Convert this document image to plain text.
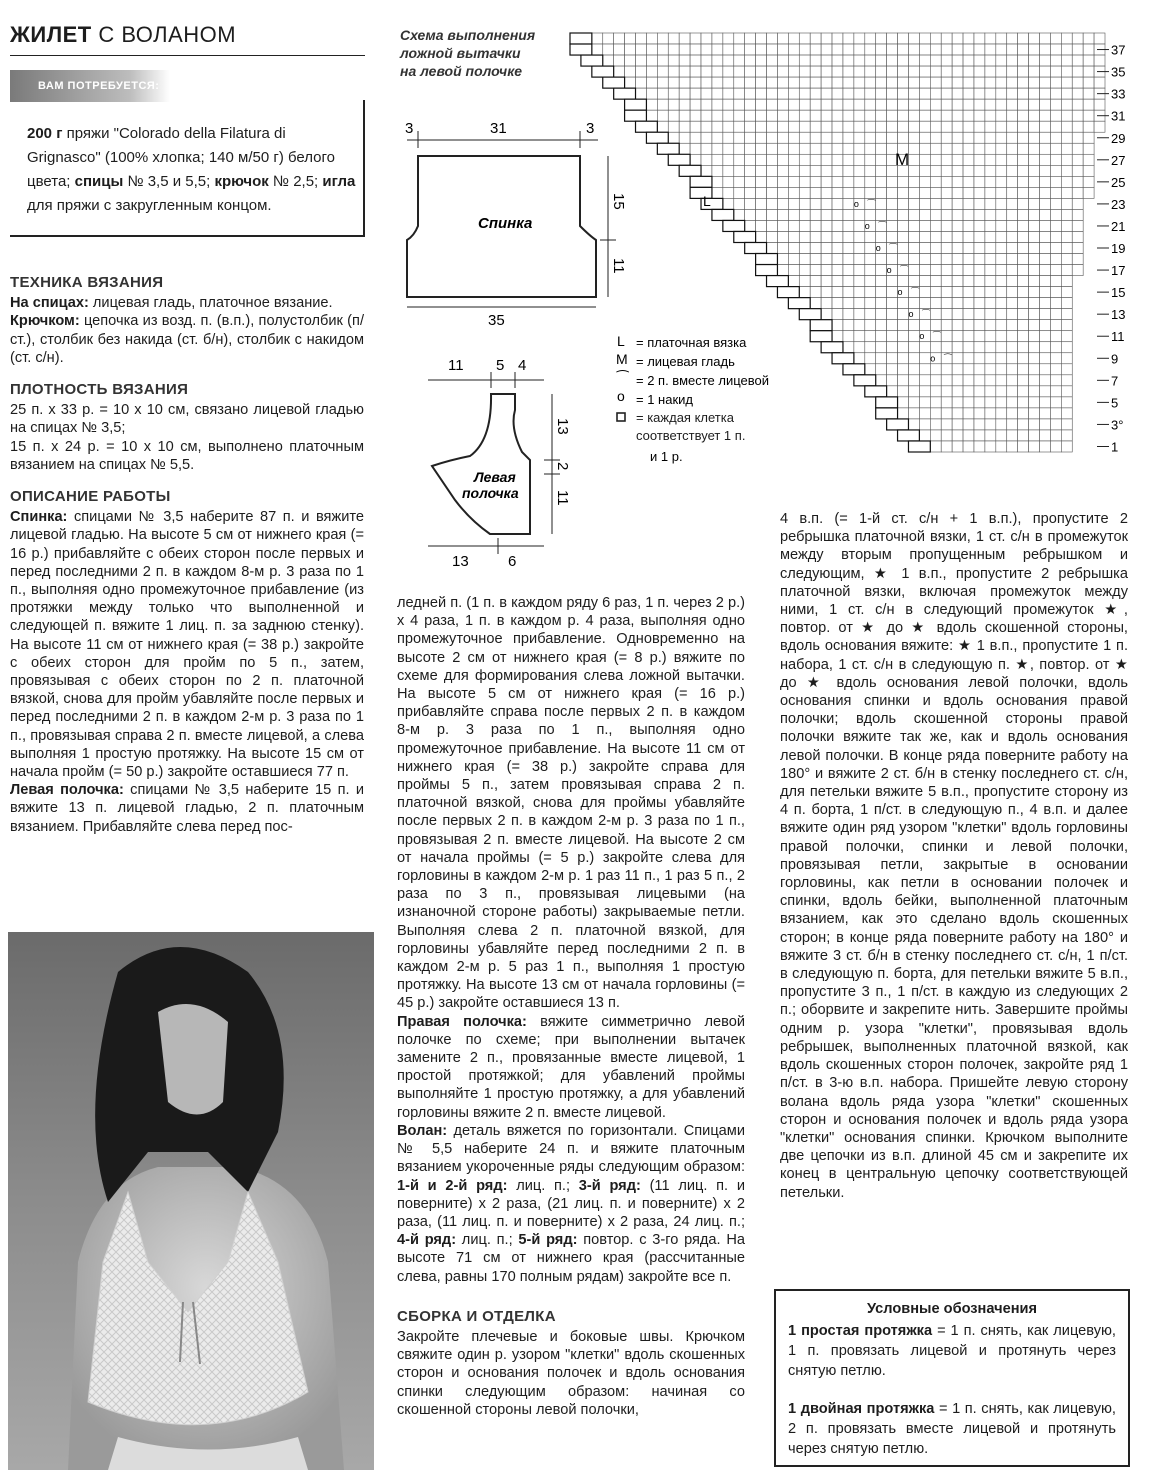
ЖИЛЕТ С ВОЛАНОМ
ВАМ ПОТРЕБУЕТСЯ:
200 г пряжи "Colorado della Filatura di Grignasco" (100% хлопка; 140 м/50 г) белого цвета; спицы № 3,5 и 5,5; крючок № 2,5; игла для пряжи с закругленным концом.

ТЕХНИКА ВЯЗАНИЯ

На спицах: лицевая гладь, платочное вязание.

Крючком: цепочка из возд. п. (в.п.), полустолбик (п/ст.), столбик без накида (ст. б/н), столбик с накидом (ст. с/н).

ПЛОТНОСТЬ ВЯЗАНИЯ

25 п. х 33 р. = 10 х 10 см, связано лицевой гладью на спицах № 3,5;

15 п. х 24 р. = 10 х 10 см, выполнено платочным вязанием на спицах № 5,5.

ОПИСАНИЕ РАБОТЫ

Спинка: спицами № 3,5 наберите 87 п. и вяжите лицевой гладью. На высоте 5 см от нижнего края (= 16 р.) прибавляйте с обеих сторон после первых и перед последними 2 п. в каждом 8-м р. 3 раза по 1 п., выполняя одно промежуточное прибавление (из протяжки между только что выполненной и следующей п. вяжите 1 лиц. п. за заднюю стенку). На высоте 11 см от нижнего края (= 38 р.) закройте с обеих сторон для пройм по 5 п., затем, провязывая с обеих сторон по 2 п. платочной вязкой, снова для пройм убавляйте после первых и перед последними 2 п. в каждом 2-м р. 3 раза по 1 п., провязывая справа 2 п. вместе лицевой, а слева выполняя 1 простую протяжку. На высоте 15 см от начала пройм (= 50 р.) закройте оставшиеся 77 п.

Левая полочка: спицами № 3,5 наберите 15 п. и вяжите 13 п. лицевой гладью, 2 п. платочным вязанием. Прибавляйте слева перед пос-

Схема выполнения
ложной вытачки
на левой полочке
3	31	3
Спинка
15
11
35
11 5 4
Левая
полочка
13
2
11
13	6
L = платочная вязка
M = лицевая гладь
⁀ = 2 п. вместе лицевой
o = 1 накид
= каждая клетка соответствует 1 п.
и 1 р.
o ⁀
o ⁀
o ⁀
o ⁀
o ⁀
o ⁀
o ⁀
o ⁀
1
3°
5
7
9
11
13
15
17
19
21
23
25
27
29
31
33
35
37
M
L

ледней п. (1 п. в каждом ряду 6 раз, 1 п. через 2 р.) х 4 раза, 1 п. в каждом р. 4 раза, выполняя одно промежуточное прибавление. Одновременно на высоте 2 см от нижнего края (= 8 р.) вяжите по схеме для формирования слева ложной вытачки. На высоте 5 см от нижнего края (= 16 р.) прибавляйте справа после первых 2 п. в каждом 8-м р. 3 раза по 1 п., выполняя одно промежуточное прибавление. На высоте 11 см от нижнего края (= 38 р.) закройте справа для проймы 5 п., затем провязывая справа 2 п. платочной вязкой, снова для проймы убавляйте после первых 2 п. в каждом 2-м р. 3 раза по 1 п., провязывая 2 п. вместе лицевой. На высоте 2 см от начала проймы (= 5 р.) закройте слева для горловины в каждом 2-м р. 1 раз 11 п., 1 раз 5 п., 2 раза по 3 п., провязывая лицевыми (на изнаночной стороне работы) закрываемые петли. Выполняя слева 2 п. платочной вязкой, для горловины убавляйте перед последними 2 п. в каждом 2-м р. 5 раз 1 п., выполняя 1 простую протяжку. На высоте 13 см от начала горловины (= 45 р.) закройте оставшиеся 13 п.

Правая полочка: вяжите симметрично левой полочке по схеме; при выполнении вытачек замените 2 п., провязанные вместе лицевой, 1 простой протяжкой; для убавлений проймы выполняйте 1 простую протяжку, а для убавлений горловины вяжите 2 п. вместе лицевой.

Волан: деталь вяжется по горизонтали. Спицами № 5,5 наберите 24 п. и вяжите платочным вязанием укороченные ряды следующим образом: 1-й и 2-й ряд: лиц. п.; 3-й ряд: (11 лиц. п. и поверните) х 2 раза, (21 лиц. п. и поверните) х 2 раза, (11 лиц. п. и поверните) х 2 раза, 24 лиц. п.; 4-й ряд: лиц. п.; 5-й ряд: повтор. с 3-го ряда. На высоте 71 см от нижнего края (рассчитанные слева, равны 170 полным рядам) закройте все п.

СБОРКА И ОТДЕЛКА

Закройте плечевые и боковые швы. Крючком свяжите один р. узором "клетки" вдоль скошенных сторон и основания полочек и вдоль основания спинки следующим образом: начиная со скошенной стороны левой полочки,

4 в.п. (= 1-й ст. с/н + 1 в.п.), пропустите 2 ребрышка платочной вязки, 1 ст. с/н в промежуток между вторым пропущенным ребрышком и следующим, ★ 1 в.п., пропустите 2 ребрышка платочной вязки, включая промежуток между ними, 1 ст. с/н в следующий промежуток ★, повтор. от ★ до ★ вдоль скошенной стороны, вдоль основания вяжите: ★ 1 в.п., пропустите 1 п. набора, 1 ст. с/н в следующую п. ★, повтор. от ★ до ★ вдоль основания левой полочки, вдоль основания спинки и вдоль основания правой полочки; вдоль скошенной стороны правой полочки вяжите так же, как и вдоль основания левой полочки. В конце ряда поверните работу на 180° и вяжите 2 ст. б/н в стенку последнего ст. с/н, для петельки вяжите 5 в.п., пропустите сторону из 4 п. борта, 1 п/ст. в следующую п., 4 в.п. и далее вяжите один ряд узором "клетки" вдоль горловины правой полочки, спинки и левой полочки, провязывая петли, закрытые в основании горловины, как петли в основании полочек и спинки, вдоль бейки, выполненной платочным вязанием, как это сделано вдоль скошенных сторон; в конце ряда поверните работу на 180° и вяжите 3 ст. б/н в стенку последнего ст. с/н, 1 п/ст. в следующую п. борта, для петельки вяжите 5 в.п., пропустите 3 п., 1 п/ст. в каждую из следующих 2 п.; оборвите и закрепите нить. Завершите проймы одним р. узора "клетки", провязывая вдоль ребрышек, выполненных платочной вязкой, как вдоль скошенных сторон полочек, закройте ряд 1 п/ст. в 3-ю в.п. набора. Пришейте левую сторону волана вдоль ряда узора "клетки" скошенных сторон и основания полочек и вдоль ряда узора "клетки" основания спинки. Крючком выполните две цепочки из в.п. длиной 45 см и закрепите их конец в центральную цепочку соответствующей петельки.

Условные обозначения
1 простая протяжка = 1 п. снять, как лицевую, 1 п. провязать лицевой и протянуть через снятую петлю.
1 двойная протяжка = 1 п. снять, как лицевую, 2 п. провязать вместе лицевой и протянуть через снятую петлю.
